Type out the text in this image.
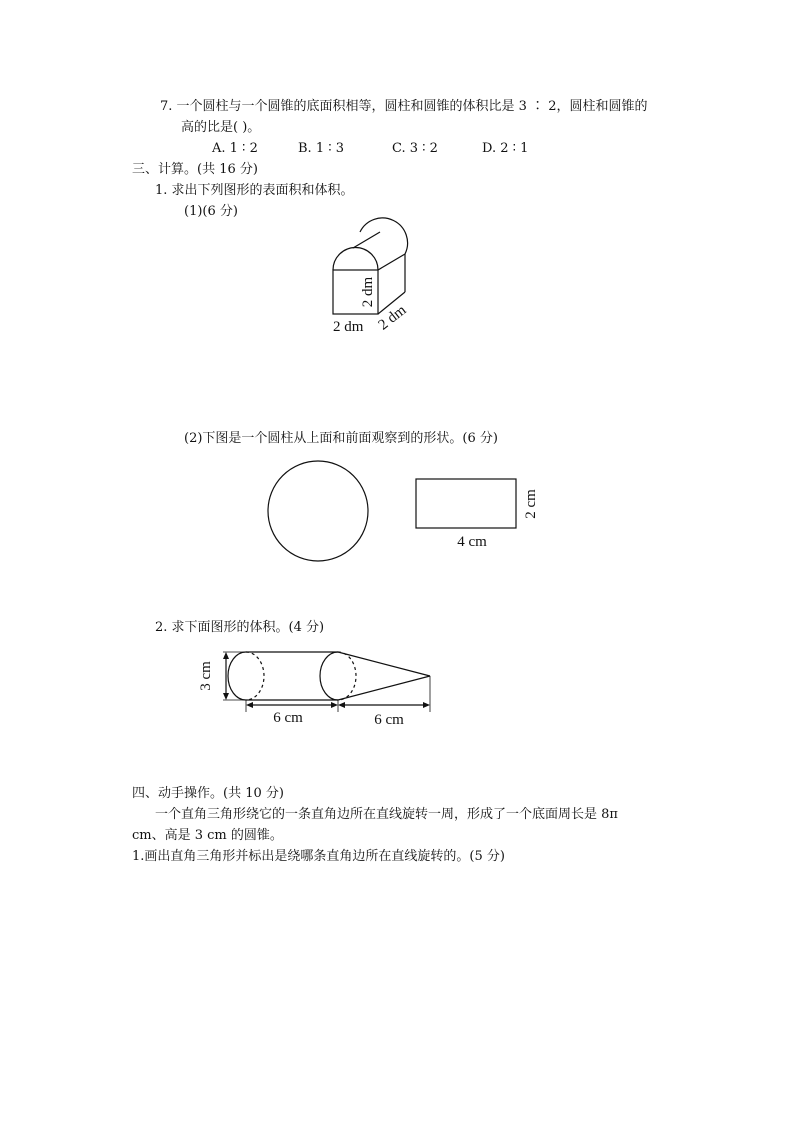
7. 一个圆柱与一个圆锥的底面积相等，圆柱和圆锥的体积比是 3 ∶ 2，圆柱和圆锥的
高的比是( )。
A. 1 ∶ 2	B. 1 ∶ 3	C. 3 ∶ 2	D. 2 ∶ 1
三、计算。(共 16 分)
1. 求出下列图形的表面积和体积。
(1)(6 分)
2 dm
2 dm 2 dm
(2)下图是一个圆柱从上面和前面观察到的形状。(6 分)
2 cm
4 cm
2. 求下面图形的体积。(4 分)
3 cm
6 cm	6 cm
四、动手操作。(共 10 分)
一个直角三角形绕它的一条直角边所在直线旋转一周，形成了一个底面周长是 8π
cm、高是 3 cm 的圆锥。
1.画出直角三角形并标出是绕哪条直角边所在直线旋转的。(5 分)
